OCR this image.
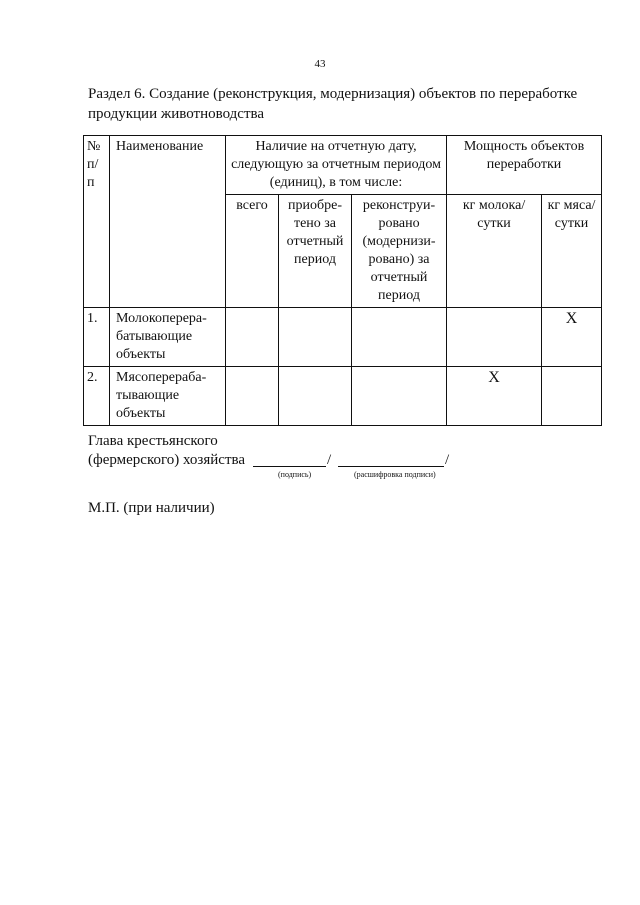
43
Раздел 6. Создание (реконструкция, модернизация) объектов по переработке продукции животноводства
№ п/ п	Наименование	Наличие на отчетную дату, следующую за отчетным периодом (единиц), в том числе:			Мощность объектов переработки	
		всего	приобре-тено за отчетный период	реконструи-ровано (модернизи-ровано) за отчетный период	кг молока/ сутки	кг мяса/ сутки
1.	Молокоперера-батывающие объекты					X
2.	Мясоперераба-тывающие объекты				X	
Глава крестьянского
(фермерского) хозяйства	/	/
(подпись)	(расшифровка подписи)
М.П. (при наличии)
